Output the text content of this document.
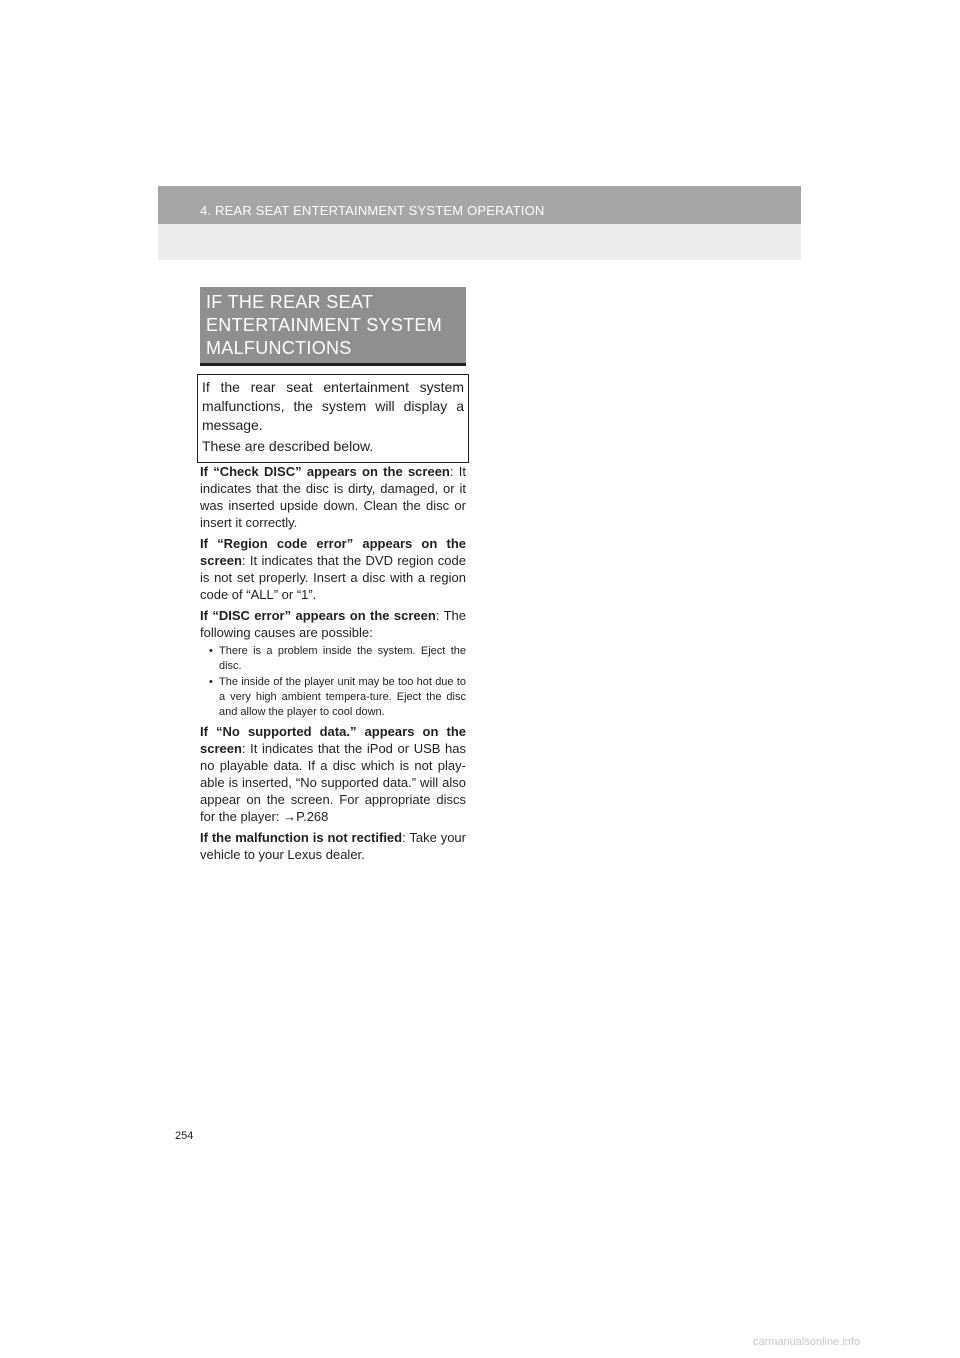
4. REAR SEAT ENTERTAINMENT SYSTEM OPERATION
IF THE REAR SEAT ENTERTAINMENT SYSTEM MALFUNCTIONS

If the rear seat entertainment system malfunctions, the system will display a message.

These are described below.

If “Check DISC” appears on the screen: It indicates that the disc is dirty, damaged, or it was inserted upside down. Clean the disc or insert it correctly.

If “Region code error” appears on the screen: It indicates that the DVD region code is not set properly. Insert a disc with a region code of “ALL” or “1”.

If “DISC error” appears on the screen: The following causes are possible:

• There is a problem inside the system. Eject the disc.
• The inside of the player unit may be too hot due to a very high ambient tempera-ture. Eject the disc and allow the player to cool down.

If “No supported data.” appears on the screen: It indicates that the iPod or USB has no playable data. If a disc which is not play-able is inserted, “No supported data.” will also appear on the screen. For appropriate discs for the player: →P.268

If the malfunction is not rectified: Take your vehicle to your Lexus dealer.

254
carmanualsonline.info
